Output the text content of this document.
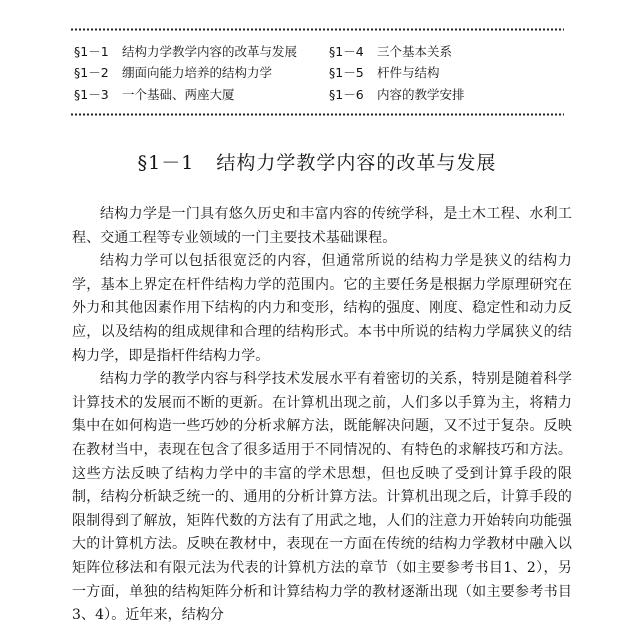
§1－1	结构力学教学内容的改革与发展	§1－4	三个基本关系
§1－2	绷面向能力培养的结构力学	§1－5	杆件与结构
§1－3	一个基础、两座大厦	§1－6	内容的教学安排
§1－1 结构力学教学内容的改革与发展

结构力学是一门具有悠久历史和丰富内容的传统学科，是土木工程、水利工程、交通工程等专业领域的一门主要技术基础课程。

结构力学可以包括很宽泛的内容，但通常所说的结构力学是狭义的结构力学，基本上界定在杆件结构力学的范围内。它的主要任务是根据力学原理研究在外力和其他因素作用下结构的内力和变形，结构的强度、刚度、稳定性和动力反应，以及结构的组成规律和合理的结构形式。本书中所说的结构力学属狭义的结构力学，即是指杆件结构力学。

结构力学的教学内容与科学技术发展水平有着密切的关系，特别是随着科学计算技术的发展而不断的更新。在计算机出现之前，人们多以手算为主，将精力集中在如何构造一些巧妙的分析求解方法，既能解决问题，又不过于复杂。反映在教材当中，表现在包含了很多适用于不同情况的、有特色的求解技巧和方法。这些方法反映了结构力学中的丰富的学术思想，但也反映了受到计算手段的限制，结构分析缺乏统一的、通用的分析计算方法。计算机出现之后，计算手段的限制得到了解放，矩阵代数的方法有了用武之地，人们的注意力开始转向功能强大的计算机方法。反映在教材中，表现在一方面在传统的结构力学教材中融入以矩阵位移法和有限元法为代表的计算机方法的章节（如主要参考书目1、2），另一方面，单独的结构矩阵分析和计算结构力学的教材逐渐出现（如主要参考书目3、4）。近年来，结构分
